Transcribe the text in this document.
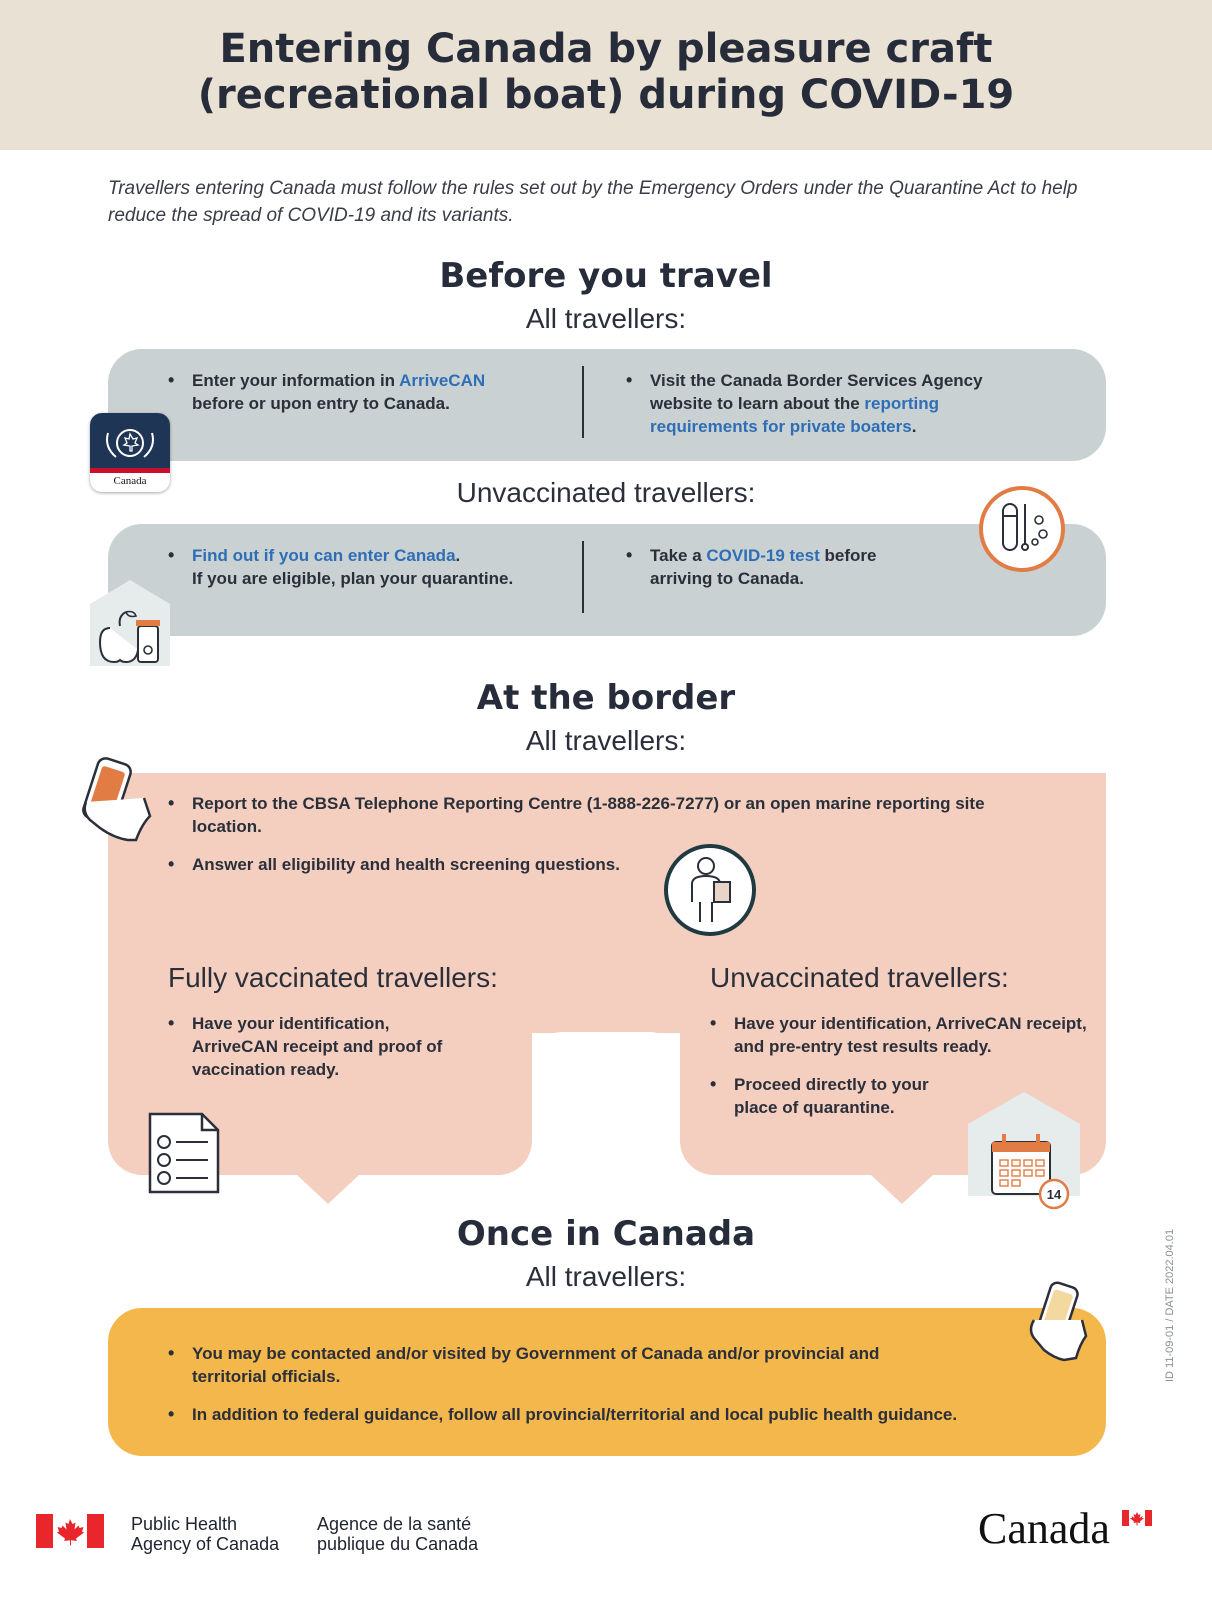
Entering Canada by pleasure craft
(recreational boat) during COVID-19
Travellers entering Canada must follow the rules set out by the Emergency Orders under the Quarantine Act to help reduce the spread of COVID-19 and its variants.
Before you travel
All travellers:
• Enter your information in ArriveCAN
before or upon entry to Canada.
• Visit the Canada Border Services Agency website to learn about the reporting requirements for private boaters.
Canada	Unvaccinated travellers:
• Find out if you can enter Canada.
If you are eligible, plan your quarantine.
• Take a COVID-19 test before arriving to Canada.
At the border
All travellers:
• Report to the CBSA Telephone Reporting Centre (1-888-226-7277) or an open marine reporting site location.
• Answer all eligibility and health screening questions.
Fully vaccinated travellers:
• Have your identification, ArriveCAN receipt and proof of vaccination ready.
Unvaccinated travellers:
• Have your identification, ArriveCAN receipt, and pre-entry test results ready.
• Proceed directly to your place of quarantine.
14
Once in Canada
All travellers:
• You may be contacted and/or visited by Government of Canada and/or provincial and territorial officials.
• In addition to federal guidance, follow all provincial/territorial and local public health guidance.
ID 11-09-01 / DATE 2022.04.01
Public Health
Agency of Canada
Agence de la santé
publique du Canada	Canada
